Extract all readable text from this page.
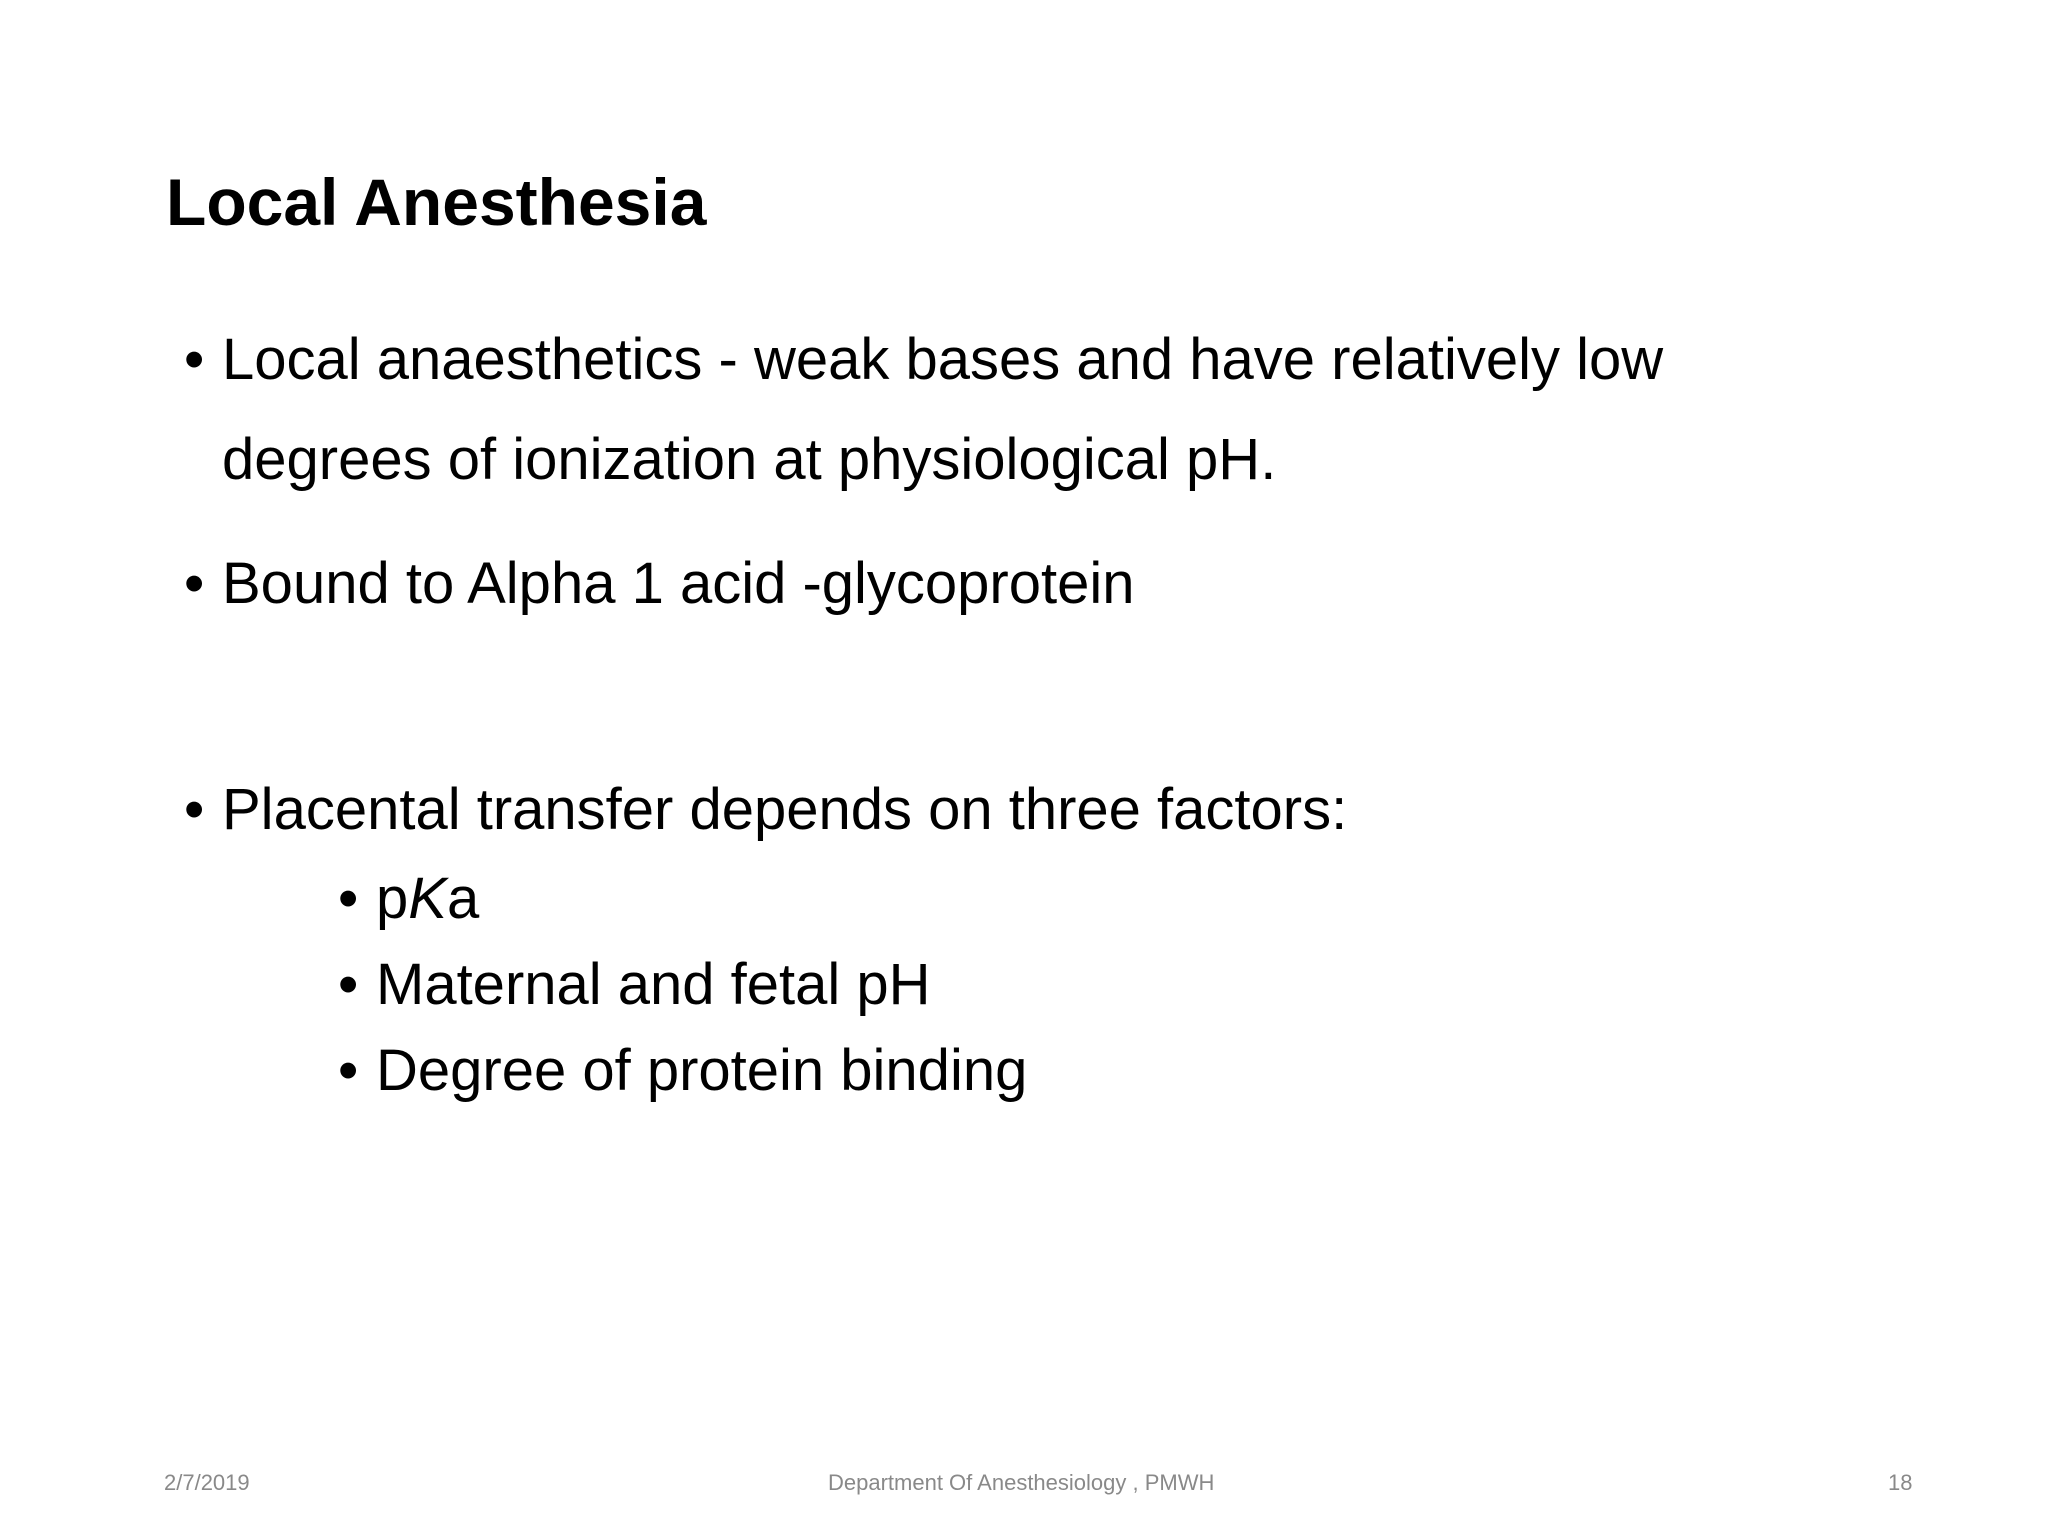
Local Anesthesia
• Local anaesthetics - weak bases and have relatively low degrees of ionization at physiological pH.
• Bound to Alpha 1 acid -glycoprotein
• Placental transfer depends on three factors:
• pKa
• Maternal and fetal pH
• Degree of protein binding
2/7/2019	Department Of Anesthesiology , PMWH	18
